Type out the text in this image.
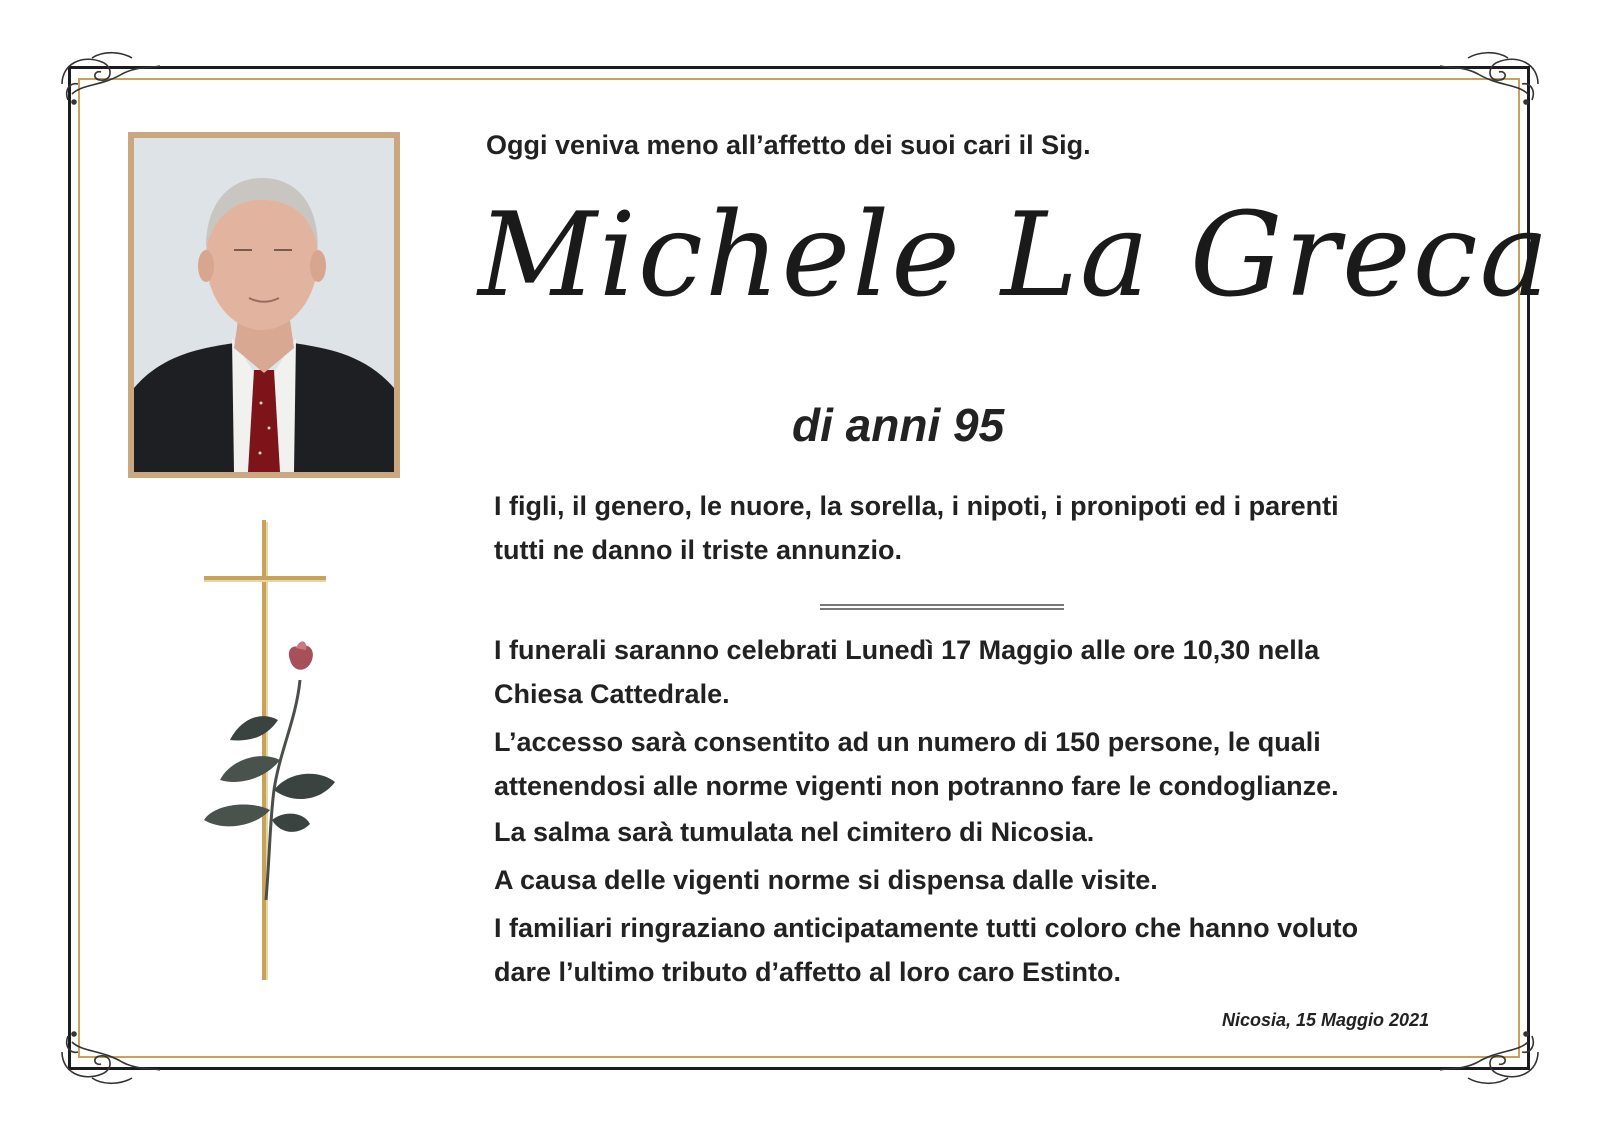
Oggi veniva meno all’affetto dei suoi cari il Sig.
Michele La Greca
di anni 95
I figli, il genero, le nuore, la sorella, i nipoti, i pronipoti ed i parenti
tutti ne danno il triste annunzio.
I funerali saranno celebrati Lunedì 17 Maggio alle ore 10,30 nella
Chiesa Cattedrale.
L’accesso sarà consentito ad un numero di 150 persone, le quali
attenendosi alle norme vigenti non potranno fare le condoglianze.
La salma sarà tumulata nel cimitero di Nicosia.
A causa delle vigenti norme si dispensa dalle visite.
I familiari ringraziano anticipatamente tutti coloro che hanno voluto
dare l’ultimo tributo d’affetto al loro caro Estinto.
Nicosia, 15 Maggio 2021
